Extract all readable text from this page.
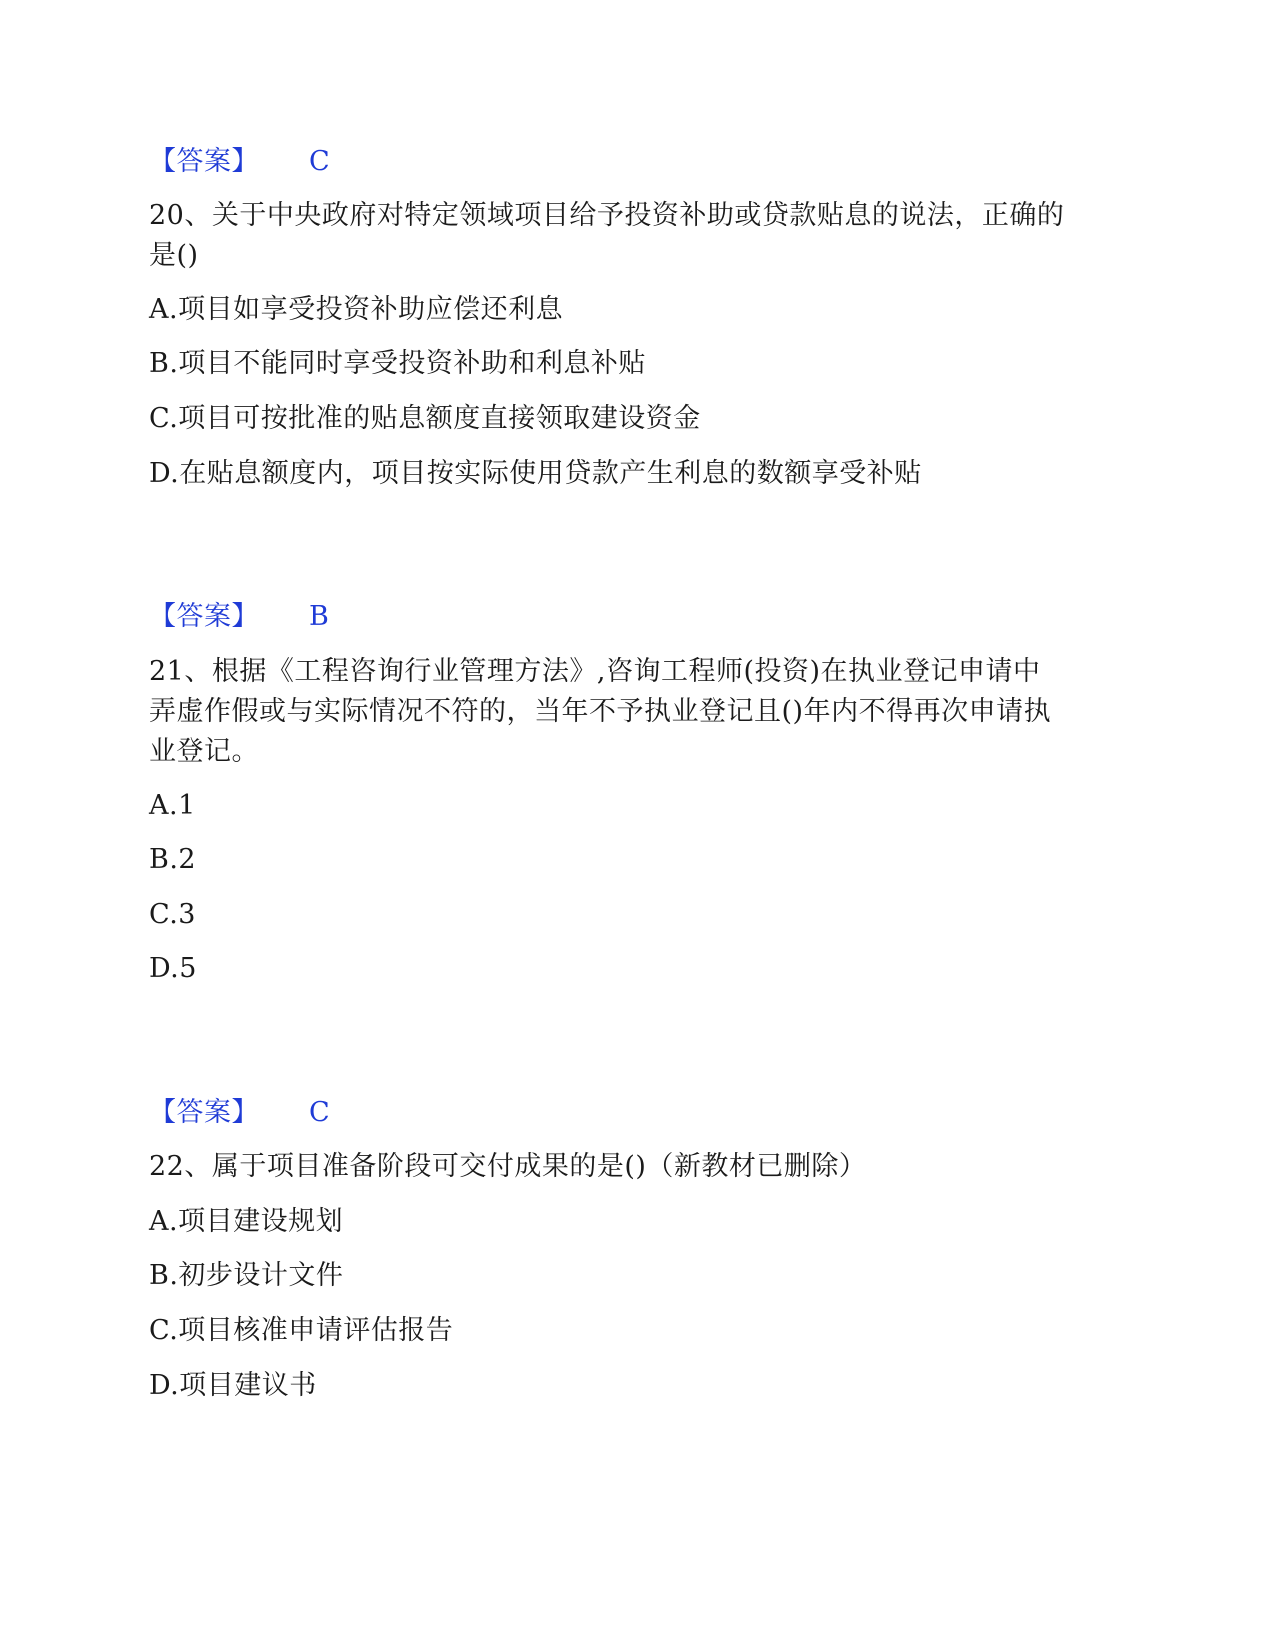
【答案】 C
20、关于中央政府对特定领域项目给予投资补助或贷款贴息的说法，正确的
是()
A.项目如享受投资补助应偿还利息
B.项目不能同时享受投资补助和利息补贴
C.项目可按批准的贴息额度直接领取建设资金
D.在贴息额度内，项目按实际使用贷款产生利息的数额享受补贴
【答案】 B
21、根据《工程咨询行业管理方法》,咨询工程师(投资)在执业登记申请中
弄虚作假或与实际情况不符的，当年不予执业登记且()年内不得再次申请执
业登记。
A.1
B.2
C.3
D.5
【答案】 C
22、属于项目准备阶段可交付成果的是()（新教材已删除）
A.项目建设规划
B.初步设计文件
C.项目核准申请评估报告
D.项目建议书
